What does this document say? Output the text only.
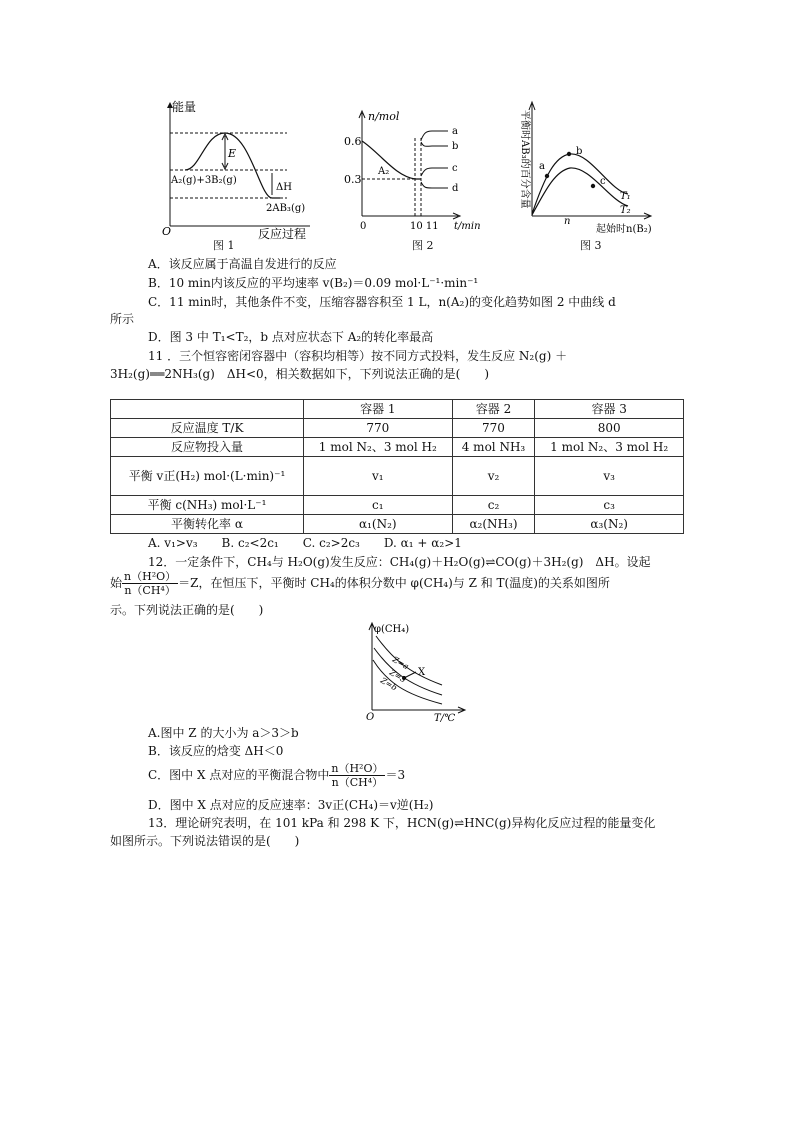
能量
O	反应过程
E
ΔH
A₂(g)+3B₂(g)
2AB₃(g)
图 1
n/mol
t/min
0.6
0.3
0	10 11
A₂
a
b
c
d
图 2
平衡时AB₃的百分含量
n
起始时n(B₂)
a
b
c
T₁
T₂
图 3
A．该反应属于高温自发进行的反应
B．10 min内该反应的平均速率 v(B₂)＝0.09 mol·L⁻¹·min⁻¹
C．11 min时，其他条件不变，压缩容器容积至 1 L，n(A₂)的变化趋势如图 2 中曲线 d
所示
D．图 3 中 T₁<T₂，b 点对应状态下 A₂的转化率最高
11 ．三个恒容密闭容器中（容积均相等）按不同方式投料，发生反应 N₂(g) ＋
3H₂(g)══2NH₃(g)　ΔH<0，相关数据如下，下列说法正确的是(　　)
	容器 1	容器 2	容器 3
反应温度 T/K	770	770	800
反应物投入量	1 mol N₂、3 mol H₂	4 mol NH₃	1 mol N₂、3 mol H₂
平衡 v正(H₂) mol·(L·min)⁻¹	v₁	v₂	v₃
平衡 c(NH₃) mol·L⁻¹	c₁	c₂	c₃
平衡转化率 α	α₁(N₂)	α₂(NH₃)	α₃(N₂)
A. v₁>v₃　　B. c₂<2c₁　　C. c₂>2c₃　　D. α₁ + α₂>1
12．一定条件下，CH₄与 H₂O(g)发生反应：CH₄(g)＋H₂O(g)⇌CO(g)＋3H₂(g)　ΔH。设起
始 $\frac{\text{n（H²O）}}{\text{n（CH⁴）}} =Z$，在恒压下，平衡时 CH₄的体积分数中 φ(CH₄)与 Z 和 T(温度)的关系如图所
示。下列说法正确的是(　　)
φ(CH₄)
O	T/℃
X
Z=a
Z=3
Z=b
A.图中 Z 的大小为 a＞3＞b
B．该反应的焓变 ΔH＜0
C．图中 X 点对应的平衡混合物中 $\frac{\text{n（H²O）}}{\text{n（CH⁴）}} =3$
D．图中 X 点对应的反应速率：3v正(CH₄)＝v逆(H₂)
13．理论研究表明，在 101 kPa 和 298 K 下，HCN(g)⇌HNC(g)异构化反应过程的能量变化
如图所示。下列说法错误的是(　　)
